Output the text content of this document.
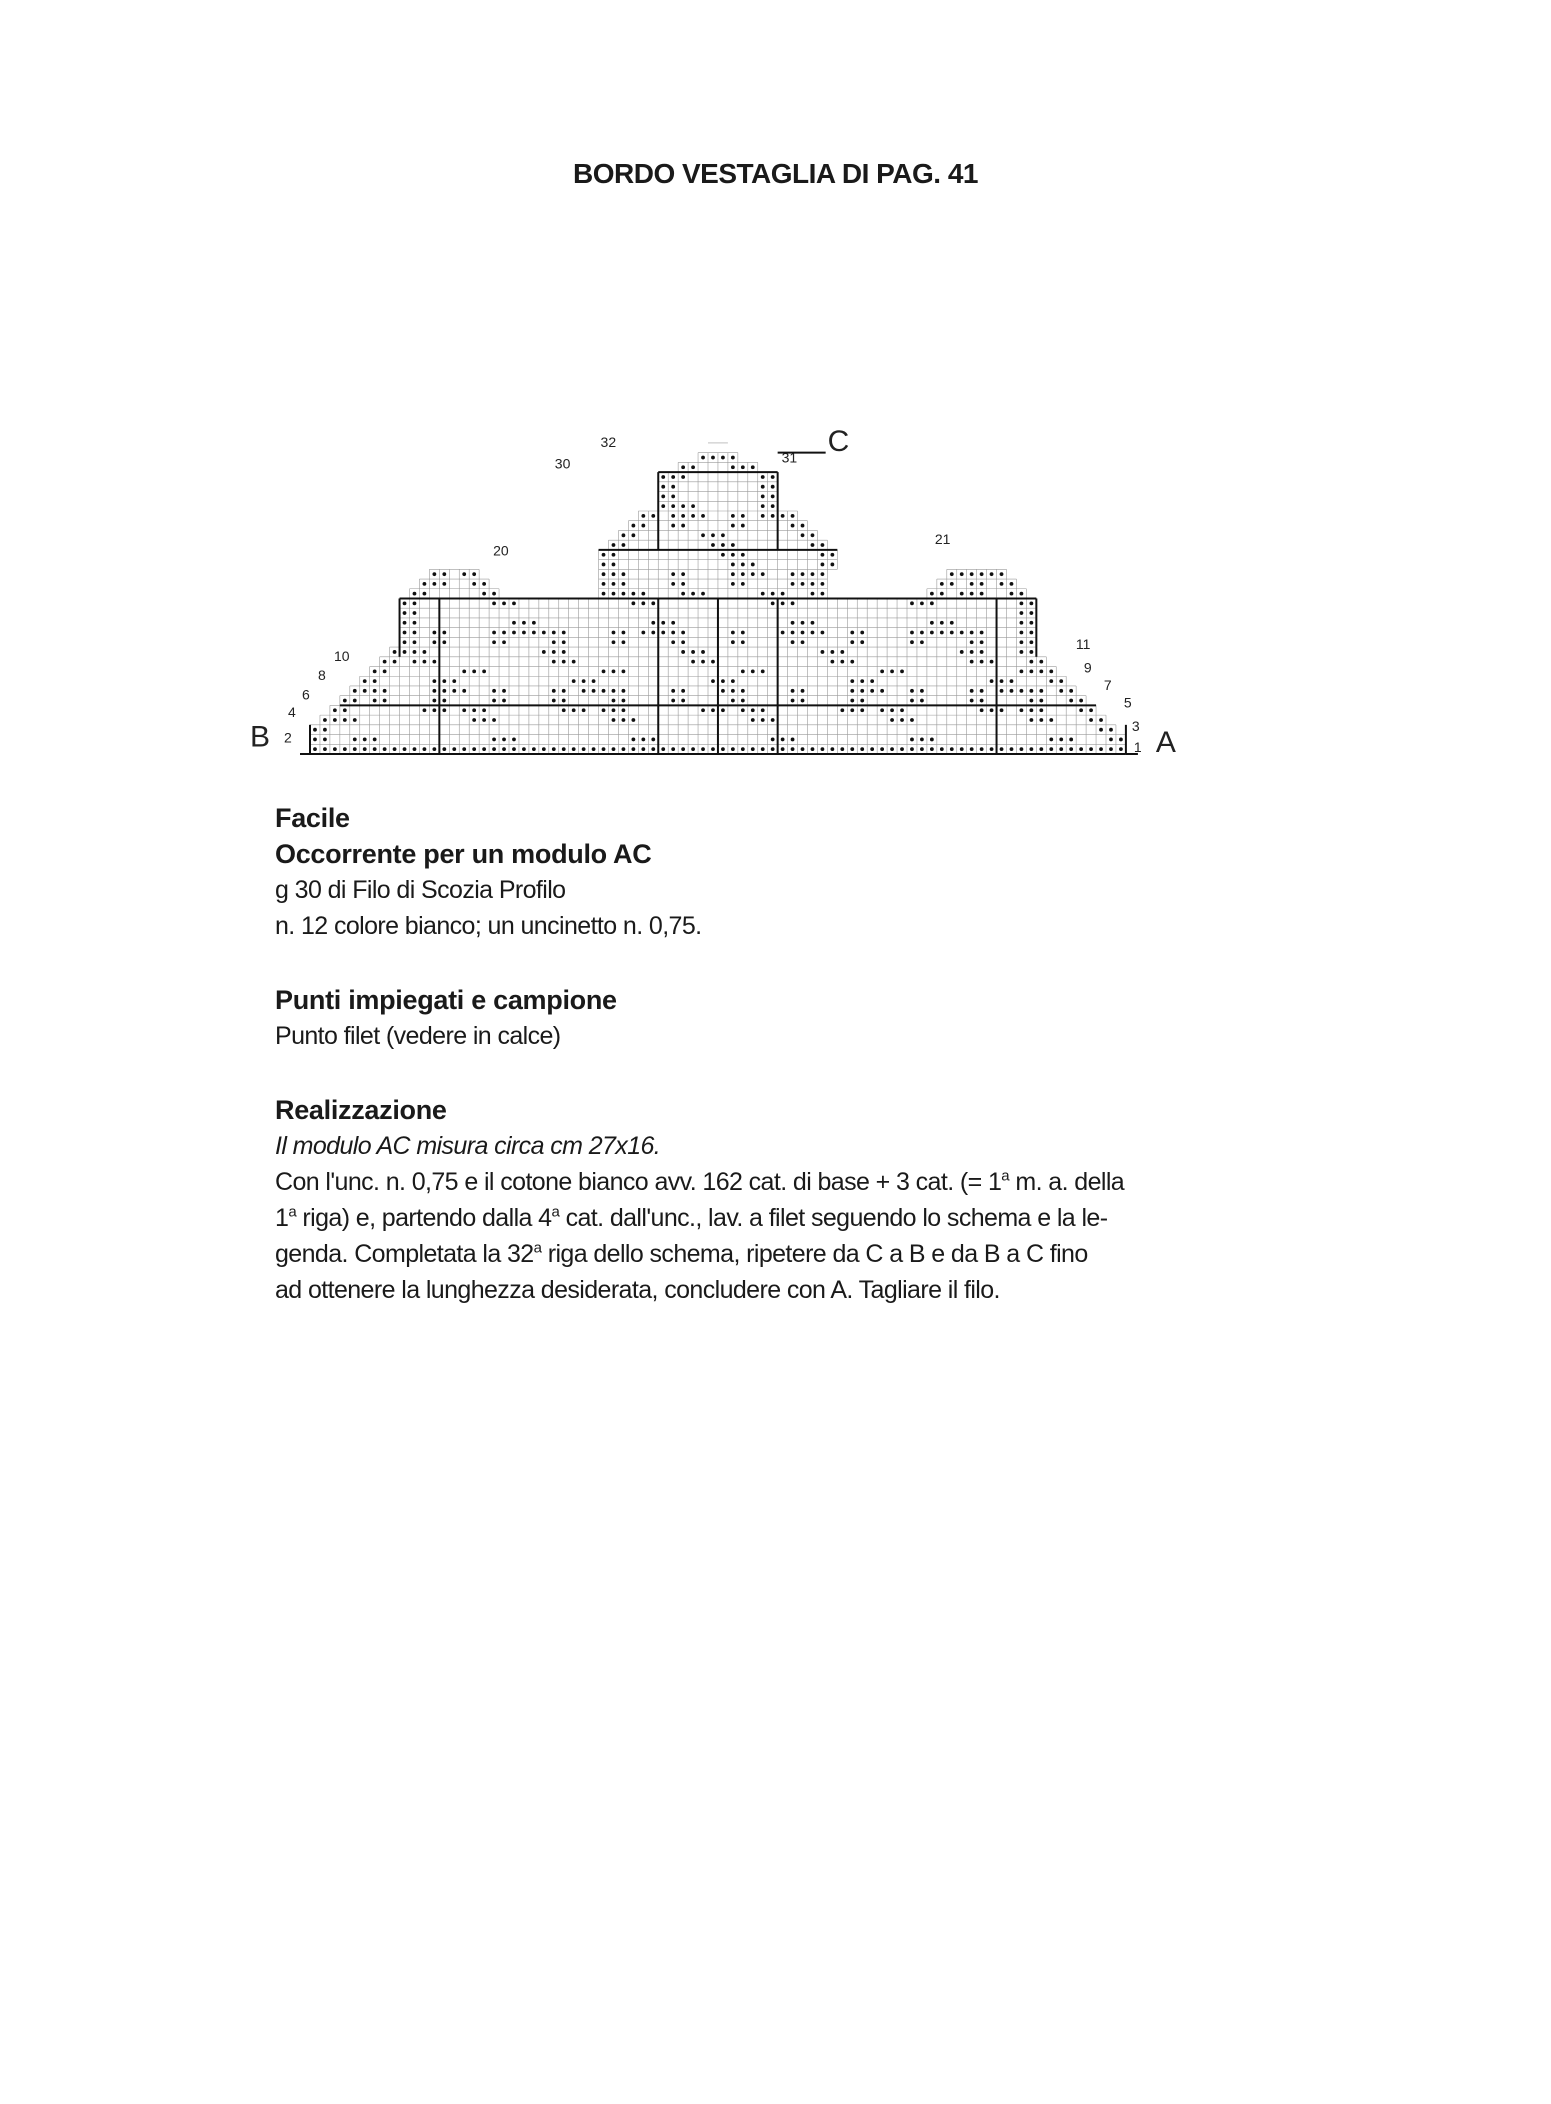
BORDO VESTAGLIA DI PAG. 41
1
2
3
4
5
6
7
8	9
10
11
20
21
30	31
32
A
B
C

Facile

Occorrente per un modulo AC

g 30 di Filo di Scozia Profilo

n. 12 colore bianco; un uncinetto n. 0,75.

Punti impiegati e campione

Punto filet (vedere in calce)

Realizzazione

Il modulo AC misura circa cm 27x16.

Con l'unc. n. 0,75 e il cotone bianco avv. 162 cat. di base + 3 cat. (= $1^a$ m. a. della

1$^a$ riga) e, partendo dalla 4$^a$ cat. dall'unc., lav. a filet seguendo lo schema e la le-

genda. Completata la 32$^a$ riga dello schema, ripetere da C a B e da B a C fino

ad ottenere la lunghezza desiderata, concludere con A. Tagliare il filo.
